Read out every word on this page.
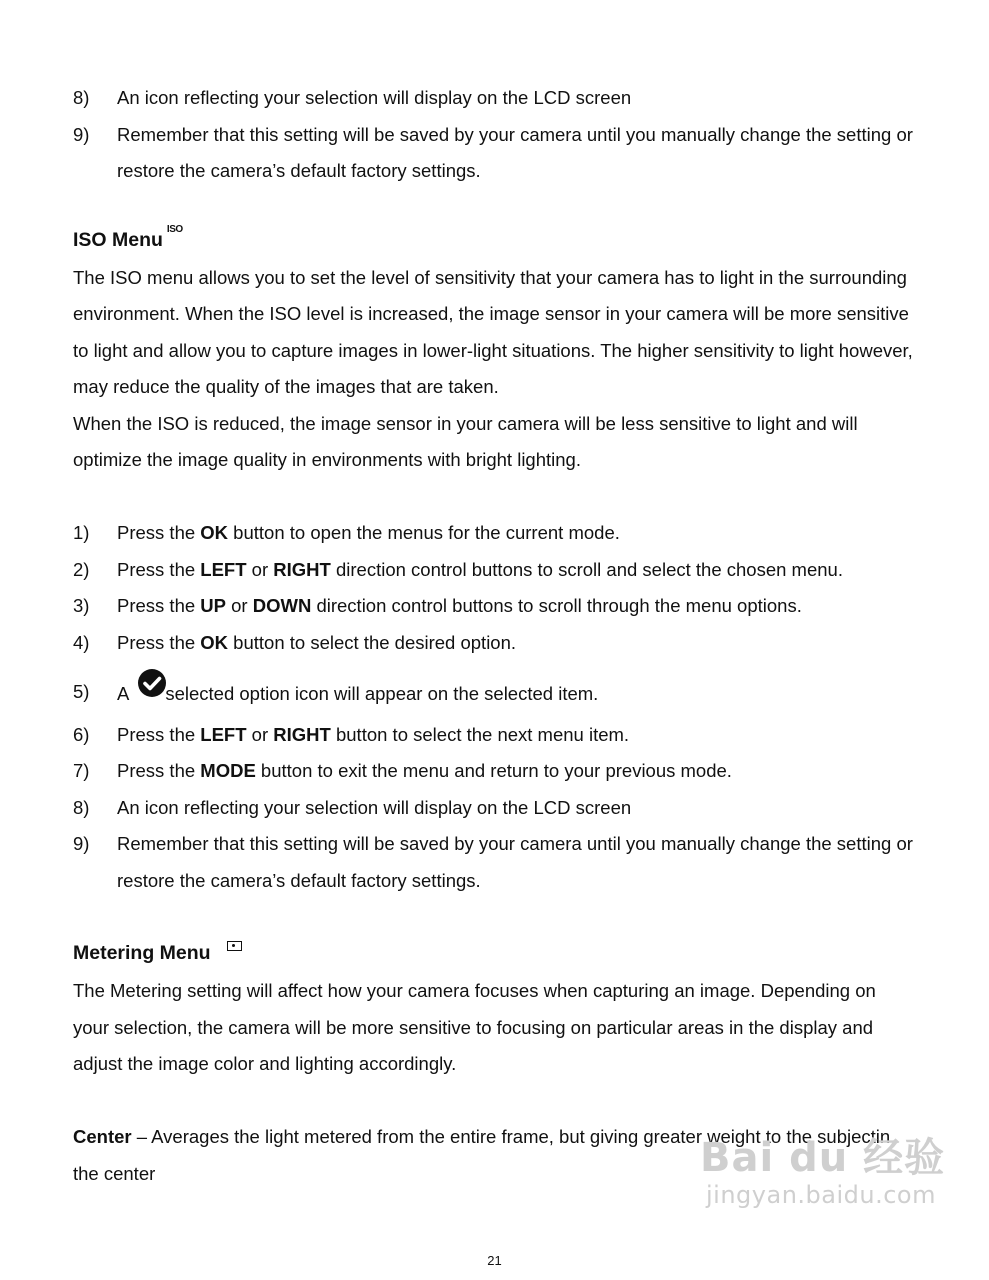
8)	An icon reflecting your selection will display on the LCD screen
9)	Remember that this setting will be saved by your camera until you manually change the setting or restore the camera’s default factory settings.
ISO Menu ISO
The ISO menu allows you to set the level of sensitivity that your camera has to light in the surrounding environment. When the ISO level is increased, the image sensor in your camera will be more sensitive to light and allow you to capture images in lower-light situations. The higher sensitivity to light however, may reduce the quality of the images that are taken.
When the ISO is reduced, the image sensor in your camera will be less sensitive to light and will optimize the image quality in environments with bright lighting.
1)	Press the OK button to open the menus for the current mode.
2)	Press the LEFT or RIGHT direction control buttons to scroll and select the chosen menu.
3)	Press the UP or DOWN direction control buttons to scroll through the menu options.
4)	Press the OK button to select the desired option.
5)	A selected option icon will appear on the selected item.
6)	Press the LEFT or RIGHT button to select the next menu item.
7)	Press the MODE button to exit the menu and return to your previous mode.
8)	An icon reflecting your selection will display on the LCD screen
9)	Remember that this setting will be saved by your camera until you manually change the setting or restore the camera’s default factory settings.
Metering Menu
The Metering setting will affect how your camera focuses when capturing an image. Depending on your selection, the camera will be more sensitive to focusing on particular areas in the display and adjust the image color and lighting accordingly.
Center – Averages the light metered from the entire frame, but giving greater weight to the subjectin the center	Bai du 经验
jingyan.baidu.com
21
